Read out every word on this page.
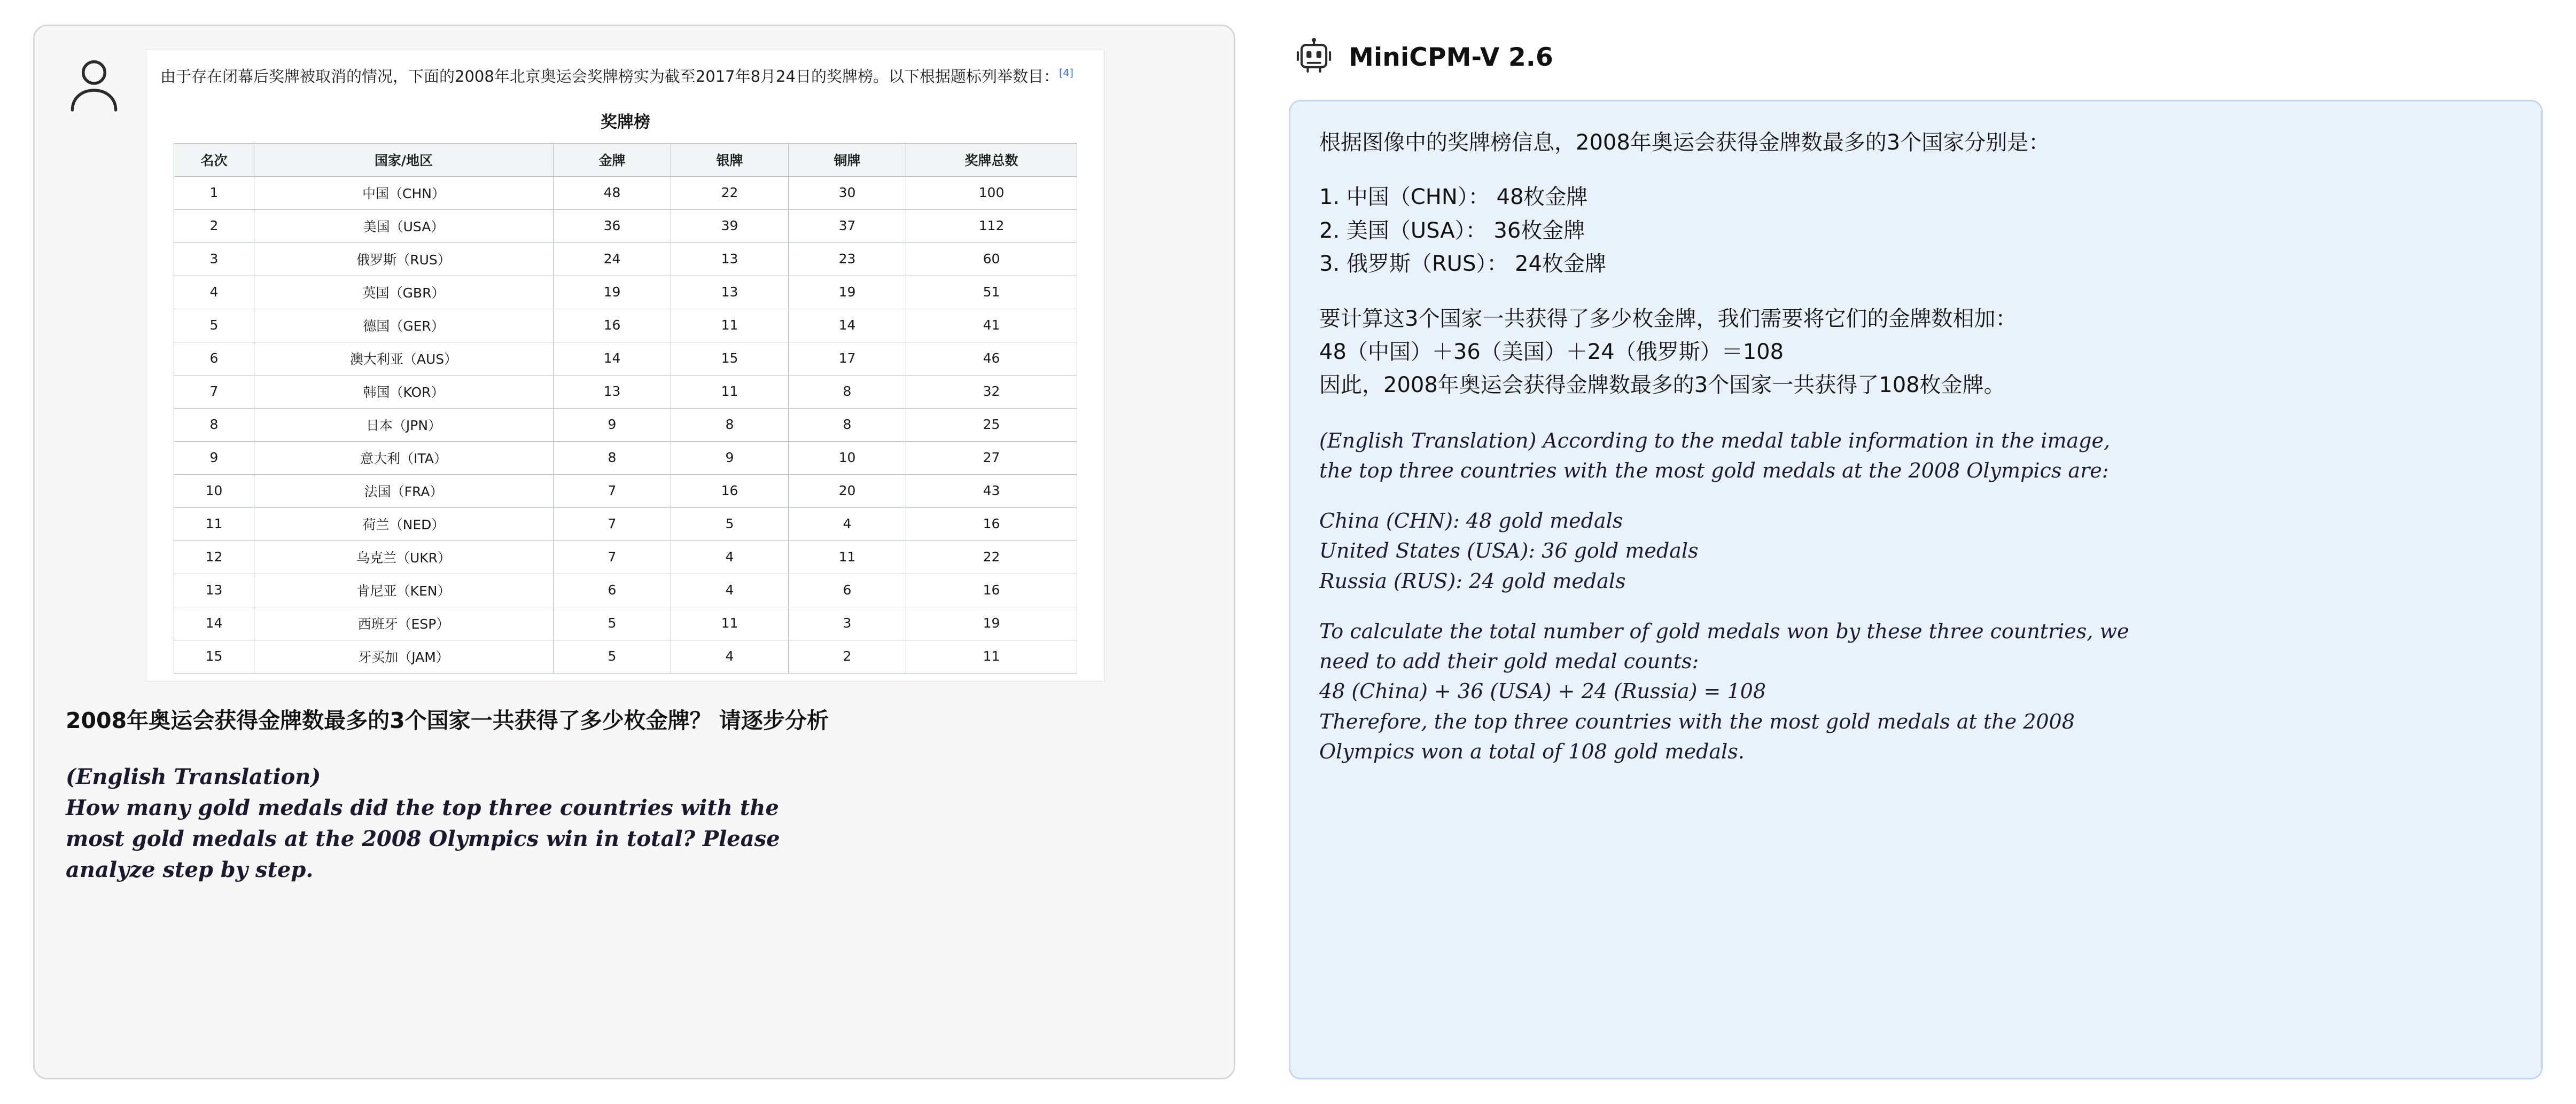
由于存在闭幕后奖牌被取消的情况，下面的2008年北京奥运会奖牌榜实为截至2017年8月24日的奖牌榜。以下根据题标列举数目：[4]

奖牌榜
名次	国家/地区	金牌	银牌	铜牌	奖牌总数
1	中国（CHN）	48	22	30	100
2	美国（USA）	36	39	37	112
3	俄罗斯（RUS）	24	13	23	60
4	英国（GBR）	19	13	19	51
5	德国（GER）	16	11	14	41
6	澳大利亚（AUS）	14	15	17	46
7	韩国（KOR）	13	11	8	32
8	日本（JPN）	9	8	8	25
9	意大利（ITA）	8	9	10	27
10	法国（FRA）	7	16	20	43
11	荷兰（NED）	7	5	4	16
12	乌克兰（UKR）	7	4	11	22
13	肯尼亚（KEN）	6	4	6	16
14	西班牙（ESP）	5	11	3	19
15	牙买加（JAM）	5	4	2	11
2008年奥运会获得金牌数最多的3个国家一共获得了多少枚金牌？ 请逐步分析
(English Translation)
How many gold medals did the top three countries with the
most gold medals at the 2008 Olympics win in total? Please
analyze step by step.
MiniCPM-V 2.6
根据图像中的奖牌榜信息，2008年奥运会获得金牌数最多的3个国家分别是：
1. 中国（CHN）： 48枚金牌
2. 美国（USA）： 36枚金牌
3. 俄罗斯（RUS）： 24枚金牌
要计算这3个国家一共获得了多少枚金牌，我们需要将它们的金牌数相加：
48（中国）＋36（美国）＋24（俄罗斯）＝108
因此，2008年奥运会获得金牌数最多的3个国家一共获得了108枚金牌。
(English Translation) According to the medal table information in the image,
the top three countries with the most gold medals at the 2008 Olympics are:
China (CHN): 48 gold medals
United States (USA): 36 gold medals
Russia (RUS): 24 gold medals
To calculate the total number of gold medals won by these three countries, we
need to add their gold medal counts:
48 (China) + 36 (USA) + 24 (Russia) = 108
Therefore, the top three countries with the most gold medals at the 2008
Olympics won a total of 108 gold medals.
